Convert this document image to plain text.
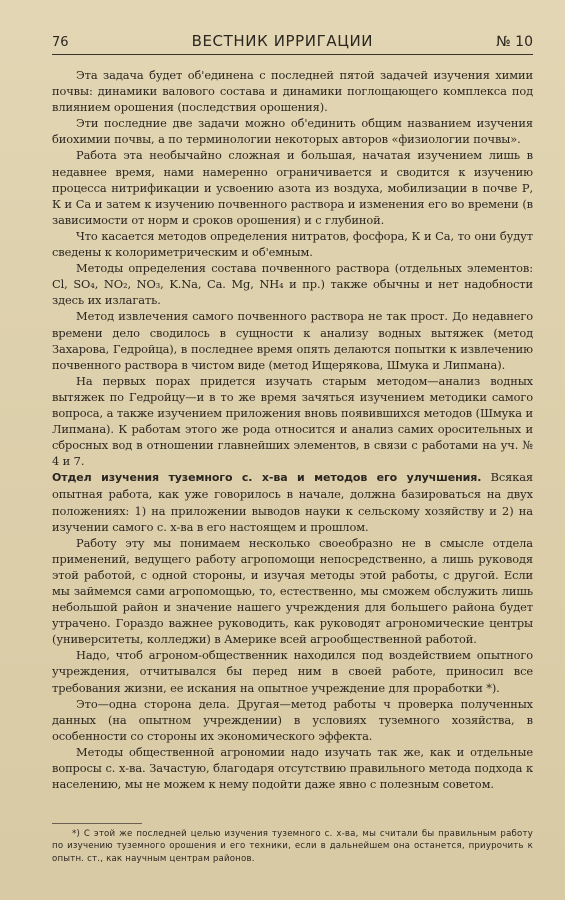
76	ВЕСТНИК ИРРИГАЦИИ	№ 10

Эта задача будет об'единена с последней пятой задачей изучения химии почвы: динамики валового состава и динамики поглощающего комплекса под влиянием орошения (последствия орошения).

Эти последние две задачи можно об'единить общим названием изучения биохимии почвы, а по терминологии некоторых авторов «физиологии почвы».

Работа эта необычайно сложная и большая, начатая изучением лишь в недавнее время, нами намеренно ограничивается и сводится к изучению процесса нитрификации и усвоению азота из воздуха, мобилизации в почве Р, К и Са и затем к изучению почвенного раствора и изменения его во времени (в зависимости от норм и сроков орошения) и с глубиной.

Что касается методов определения нитратов, фосфора, К и Са, то они будут сведены к колориметрическим и об'емным.

Методы определения состава почвенного раствора (отдельных элементов: Cl, SO₄, NO₂, NO₃, K.Na, Ca. Mg, NH₄ и пр.) также обычны и нет надобности здесь их излагать.

Метод извлечения самого почвенного раствора не так прост. До недавнего времени дело сводилось в сущности к анализу водных вытяжек (метод Захарова, Гедройца), в последнее время опять делаются попытки к извлечению почвенного раствора в чистом виде (метод Ищерякова, Шмука и Липмана).

На первых порах придется изучать старым методом—анализ водных вытяжек по Гедройцу—и в то же время зачяться изучением методики самого вопроса, а также изучением приложения вновь появившихся методов (Шмука и Липмана). К работам этого же рода относится и анализ самих оросительных и сбросных вод в отношении главнейших элементов, в связи с работами на уч. № 4 и 7.

Отдел изучения туземного с. х-ва и методов его улучшения. Всякая опытная работа, как уже говорилось в начале, должна базироваться на двух положениях: 1) на приложении выводов науки к сельскому хозяйству и 2) на изучении самого с. х-ва в его настоящем и прошлом.

Работу эту мы понимаем несколько своеобразно не в смысле отдела применений, ведущего работу агропомощи непосредственно, а лишь руководя этой работой, с одной стороны, и изучая методы этой работы, с другой. Если мы займемся сами агропомощью, то, естественно, мы сможем обслужить лишь небольшой район и значение нашего учреждения для большего района будет утрачено. Гораздо важнее руководить, как руководят агрономические центры (университеты, колледжи) в Америке всей агрообщественной работой.

Надо, чтоб агроном-общественник находился под воздействием опытного учреждения, отчитывался бы перед ним в своей работе, приносил все требования жизни, ее искания на опытное учреждение для проработки *).

Это—одна сторона дела. Другая—метод работы ч проверка полученных данных (на опытном учреждении) в условиях туземного хозяйства, в особенности со стороны их экономического эффекта.

Методы общественной агрономии надо изучать так же, как и отдельные вопросы с. х-ва. Зачастую, благодаря отсутствию правильного метода подхода к населению, мы не можем к нему подойти даже явно с полезным советом.

*) С этой же последней целью изучения туземного с. х-ва, мы считали бы правильным работу по изучению туземного орошения и его техники, если в дальнейшем она останется, приурочить к опытн. ст., как научным центрам районов.
